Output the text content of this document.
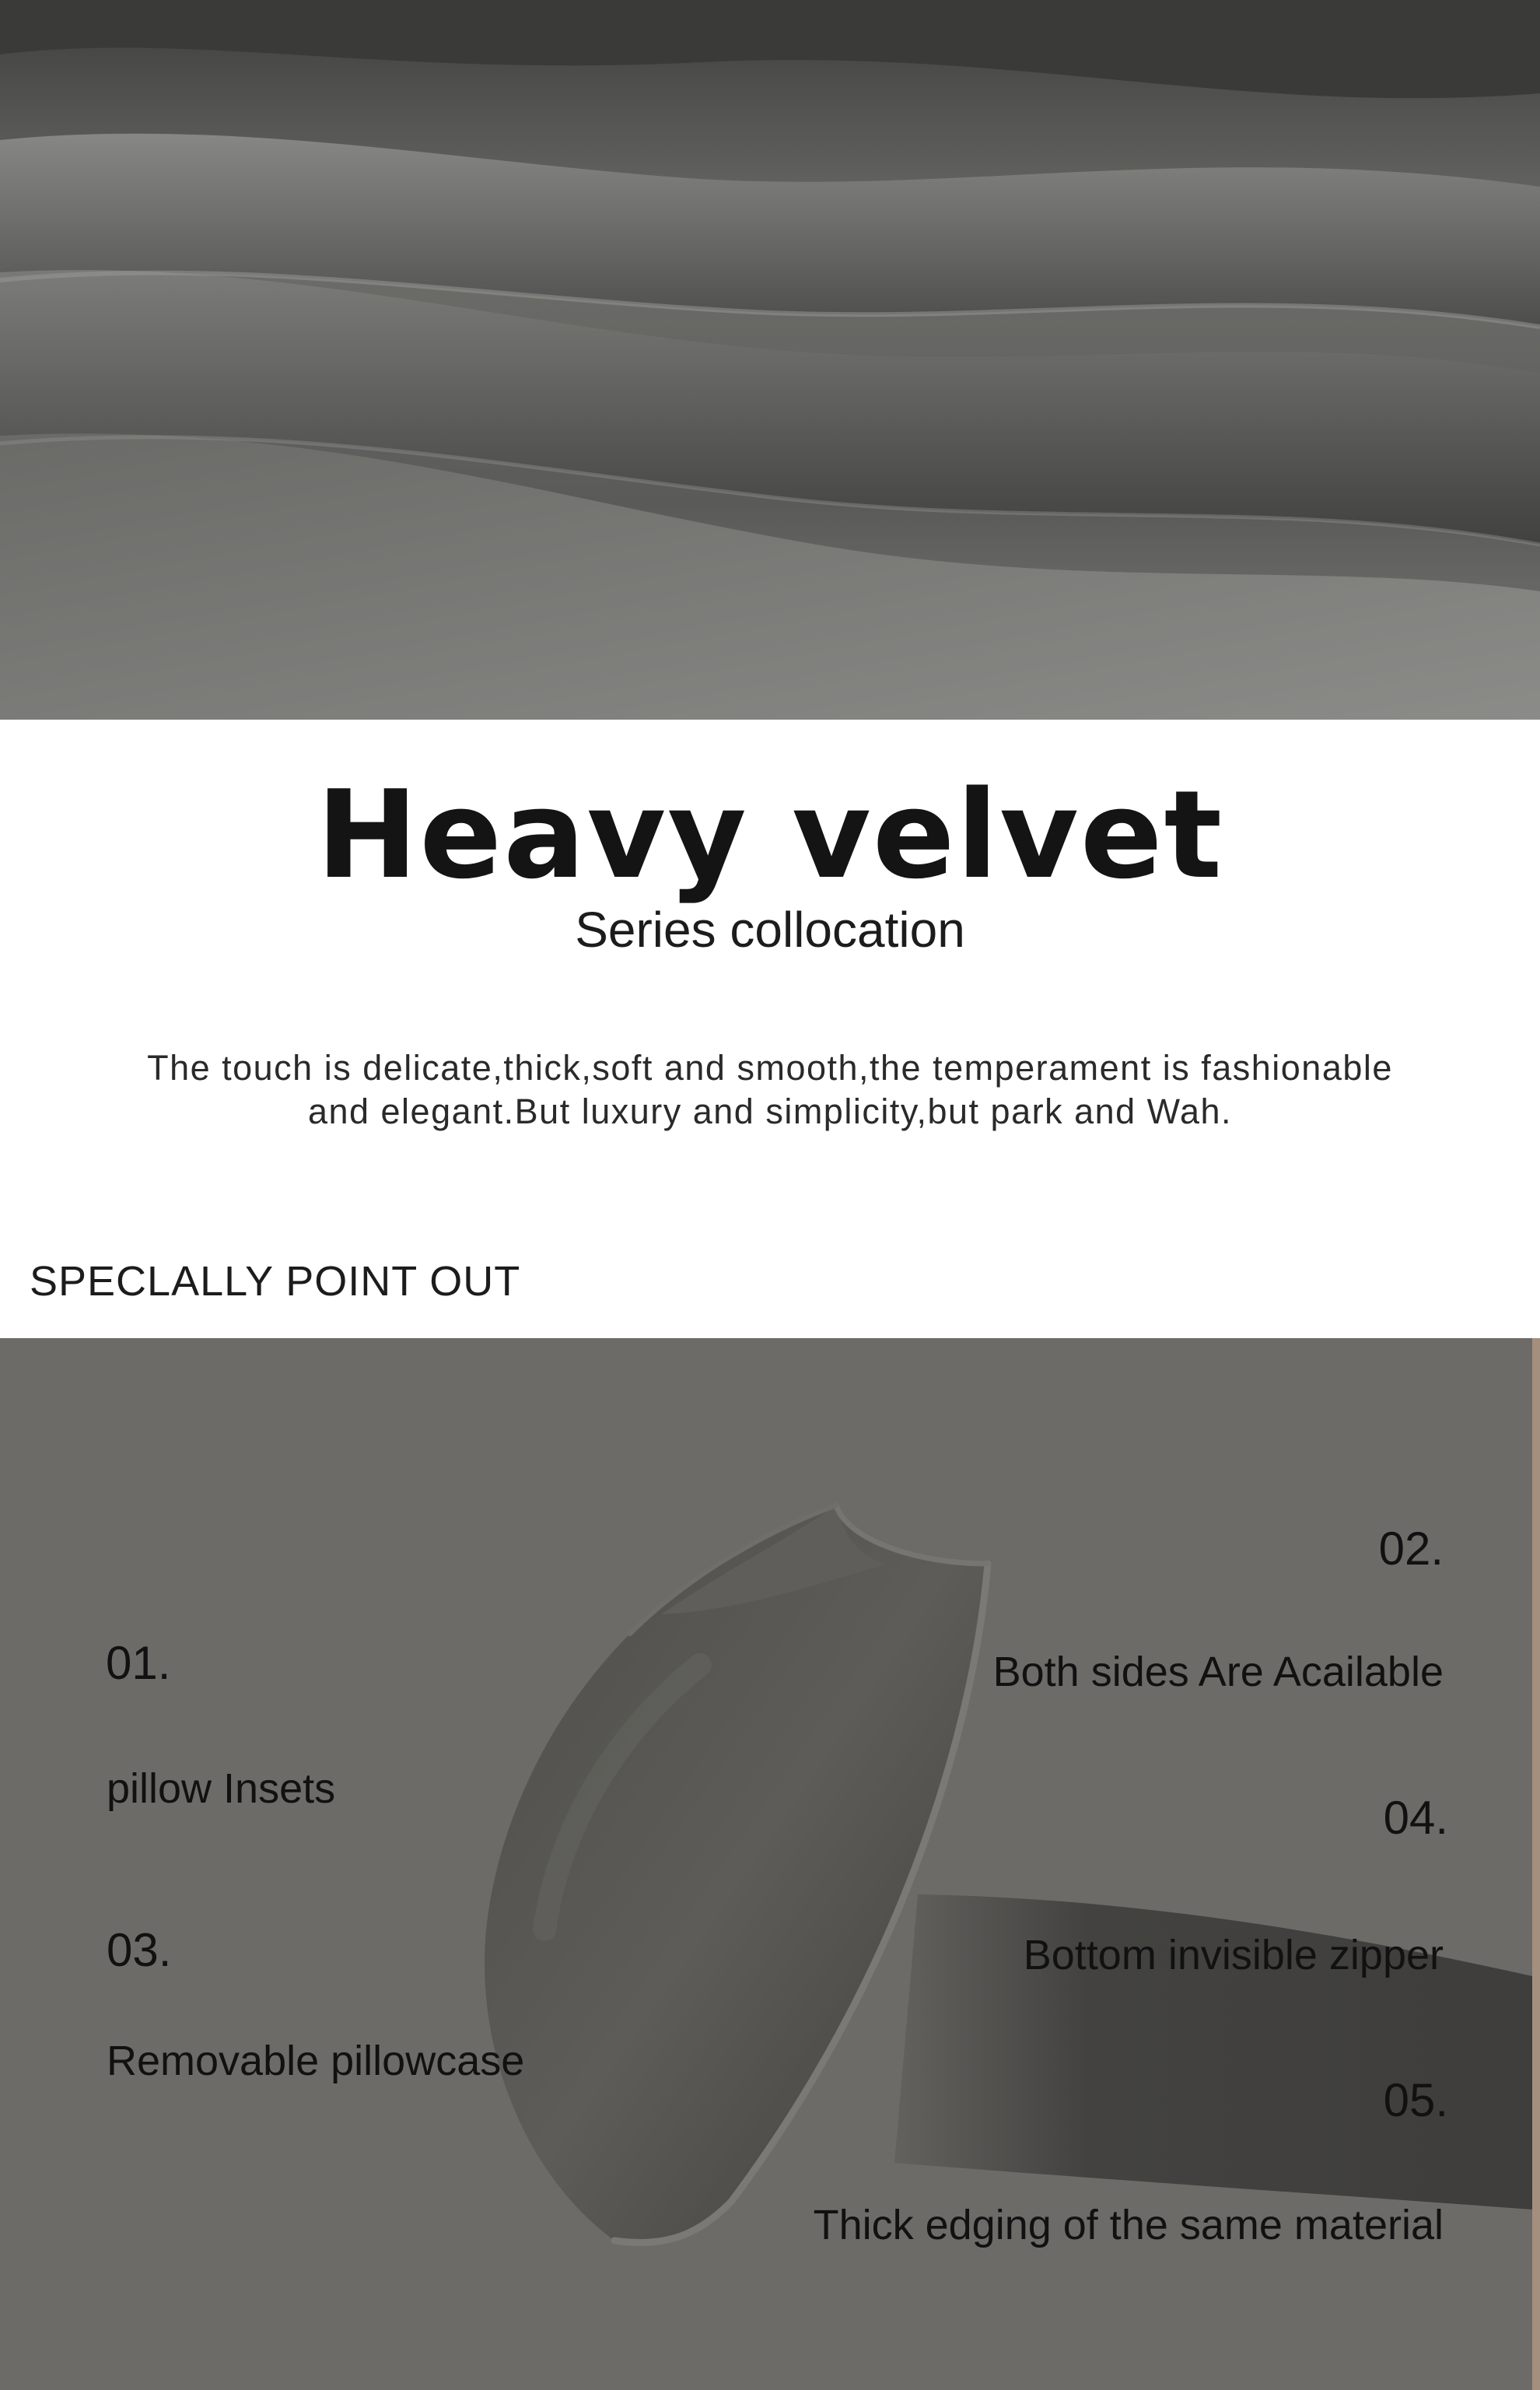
Heavy velvet
Series collocation
The touch is delicate,thick,soft and smooth,the temperament is fashionable
and elegant.But luxury and simplicity,but park and Wah.
SPECLALLY POINT OUT
01.
pillow Insets
02.
Both sides Are Acailable
03.
Removable pillowcase
04.
Bottom invisible zipper
05.
Thick edging of the same material
